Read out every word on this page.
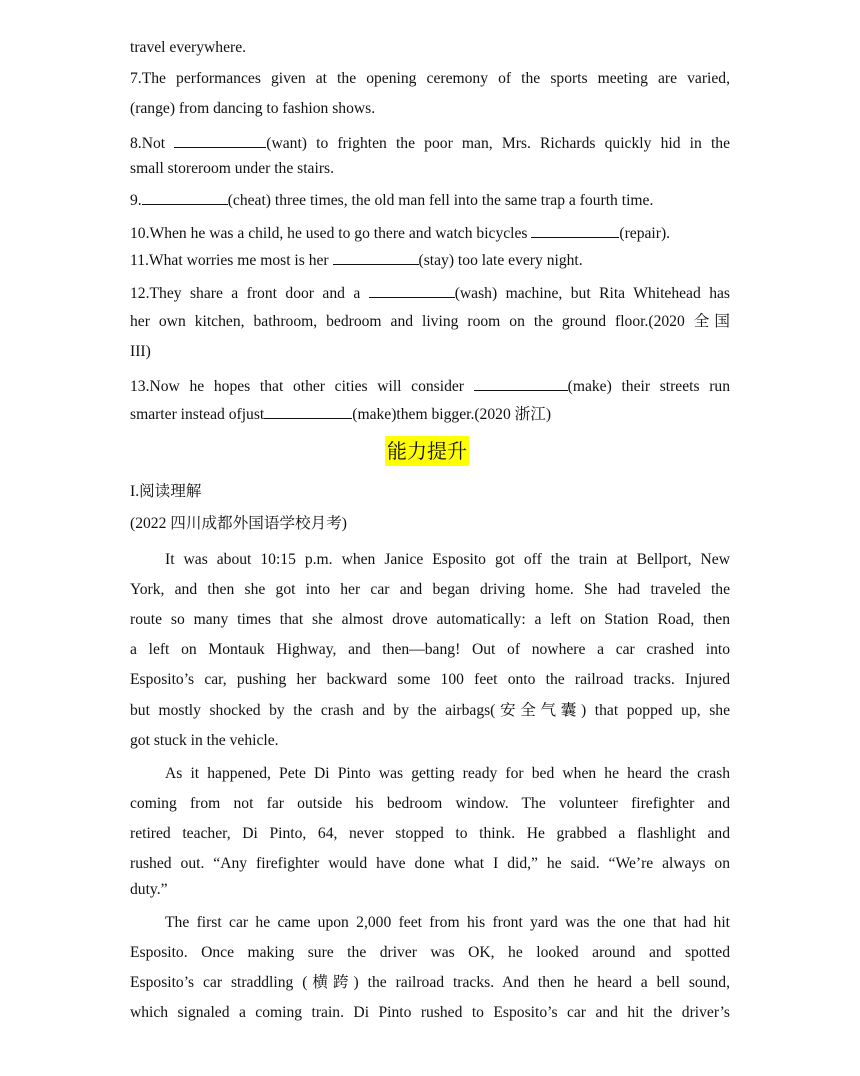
travel everywhere.
7.The performances given at the opening ceremony of the sports meeting are varied,
(range) from dancing to fashion shows.
8.Not	(want) to frighten the poor man, Mrs. Richards quickly hid in the
small storeroom under the stairs.
9.	(cheat) three times, the old man fell into the same trap a fourth time.
10.When he was a child, he used to go there and watch bicycles	(repair).
11.What worries me most is her	(stay) too late every night.
12.They share a front door and a	(wash) machine, but Rita Whitehead has
her own kitchen, bathroom, bedroom and living room on the ground floor.(2020 全国
III)
13.Now he hopes that other cities will consider	(make) their streets run
smarter instead ofjust	(make)them bigger.(2020 浙江)
I.阅读理解
(2022 四川成都外国语学校月考)
It was about 10:15 p.m. when Janice Esposito got off the train at Bellport, New
York, and then she got into her car and began driving home. She had traveled the
route so many times that she almost drove automatically: a left on Station Road, then
a left on Montauk Highway, and then—bang! Out of nowhere a car crashed into
Esposito’s car, pushing her backward some 100 feet onto the railroad tracks. Injured
but mostly shocked by the crash and by the airbags(安全气囊) that popped up, she
got stuck in the vehicle.
As it happened, Pete Di Pinto was getting ready for bed when he heard the crash
coming from not far outside his bedroom window. The volunteer firefighter and
retired teacher, Di Pinto, 64, never stopped to think. He grabbed a flashlight and
rushed out. “Any firefighter would have done what I did,” he said. “We’re always on
duty.”
The first car he came upon 2,000 feet from his front yard was the one that had hit
Esposito. Once making sure the driver was OK, he looked around and spotted
Esposito’s car straddling (横跨) the railroad tracks. And then he heard a bell sound,
which signaled a coming train. Di Pinto rushed to Esposito’s car and hit the driver’s
能力提升
